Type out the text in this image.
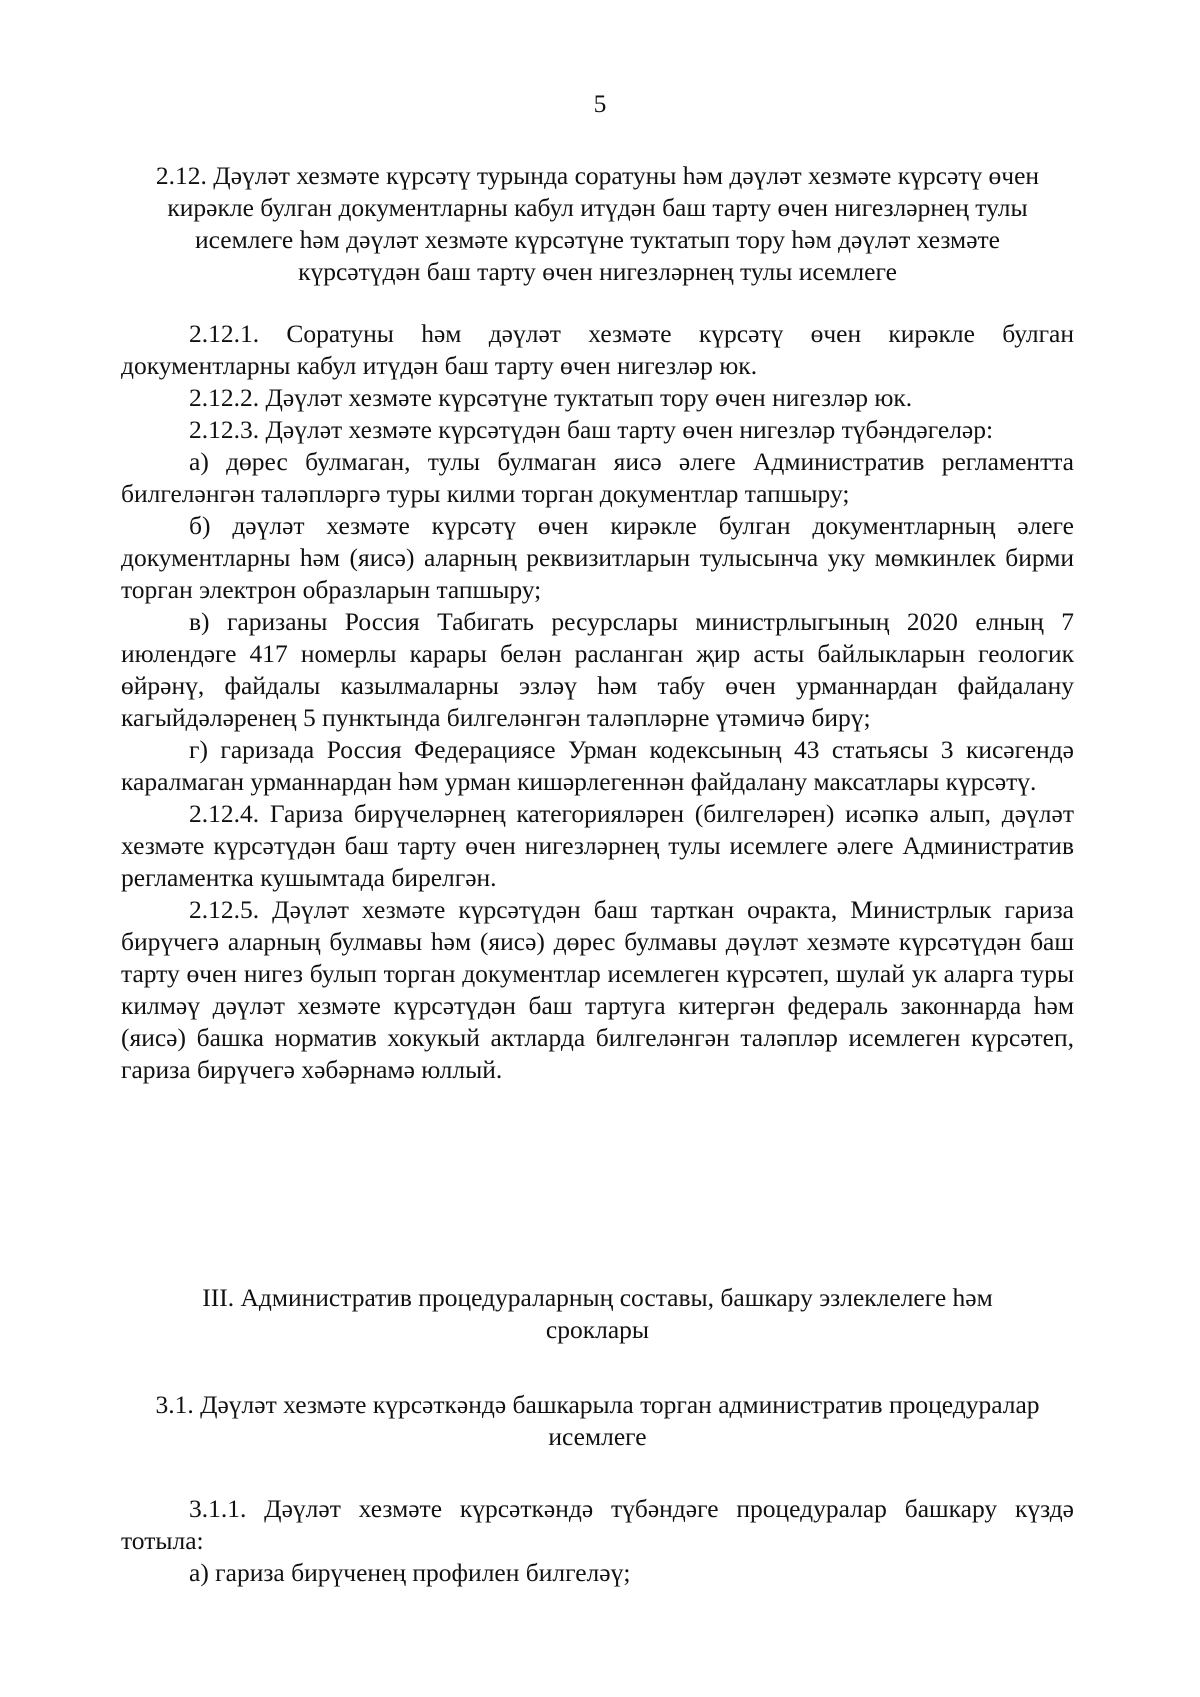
5

2.12. Дәүләт хезмәте күрсәтү турында соратуны һәм дәүләт хезмәте күрсәтү өчен кирәкле булган документларны кабул итүдән баш тарту өчен нигезләрнең тулы исемлеге һәм дәүләт хезмәте күрсәтүне туктатып тору һәм дәүләт хезмәте күрсәтүдән баш тарту өчен нигезләрнең тулы исемлеге

2.12.1. Соратуны һәм дәүләт хезмәте күрсәтү өчен кирәкле булган документларны кабул итүдән баш тарту өчен нигезләр юк.

2.12.2. Дәүләт хезмәте күрсәтүне туктатып тору өчен нигезләр юк.

2.12.3. Дәүләт хезмәте күрсәтүдән баш тарту өчен нигезләр түбәндәгеләр:

а) дөрес булмаган, тулы булмаган яисә әлеге Административ регламентта билгеләнгән таләпләргә туры килми торган документлар тапшыру;

б) дәүләт хезмәте күрсәтү өчен кирәкле булган документларның әлеге документларны һәм (яисә) аларның реквизитларын тулысынча уку мөмкинлек бирми торган электрон образларын тапшыру;

в) гаризаны Россия Табигать ресурслары министрлыгының 2020 елның 7 июлендәге 417 номерлы карары белән расланган җир асты байлыкларын геологик өйрәнү, файдалы казылмаларны эзләү һәм табу өчен урманнардан файдалану кагыйдәләренең 5 пунктында билгеләнгән таләпләрне үтәмичә бирү;

г) гаризада Россия Федерациясе Урман кодексының 43 статьясы 3 кисәгендә каралмаган урманнардан һәм урман кишәрлегеннән файдалану максатлары күрсәтү.

2.12.4. Гариза бирүчеләрнең категорияләрен (билгеләрен) исәпкә алып, дәүләт хезмәте күрсәтүдән баш тарту өчен нигезләрнең тулы исемлеге әлеге Административ регламентка кушымтада бирелгән.

2.12.5. Дәүләт хезмәте күрсәтүдән баш тарткан очракта, Министрлык гариза бирүчегә аларның булмавы һәм (яисә) дөрес булмавы дәүләт хезмәте күрсәтүдән баш тарту өчен нигез булып торган документлар исемлеген күрсәтеп, шулай ук аларга туры килмәү дәүләт хезмәте күрсәтүдән баш тартуга китергән федераль законнарда һәм (яисә) башка норматив хокукый актларда билгеләнгән таләпләр исемлеген күрсәтеп, гариза бирүчегә хәбәрнамә юллый.

III. Административ процедураларның составы, башкару эзлеклелеге һәм сроклары

3.1. Дәүләт хезмәте күрсәткәндә башкарыла торган административ процедуралар исемлеге

3.1.1. Дәүләт хезмәте күрсәткәндә түбәндәге процедуралар башкару күздә тотыла:

а) гариза бирүченең профилен билгеләү;
